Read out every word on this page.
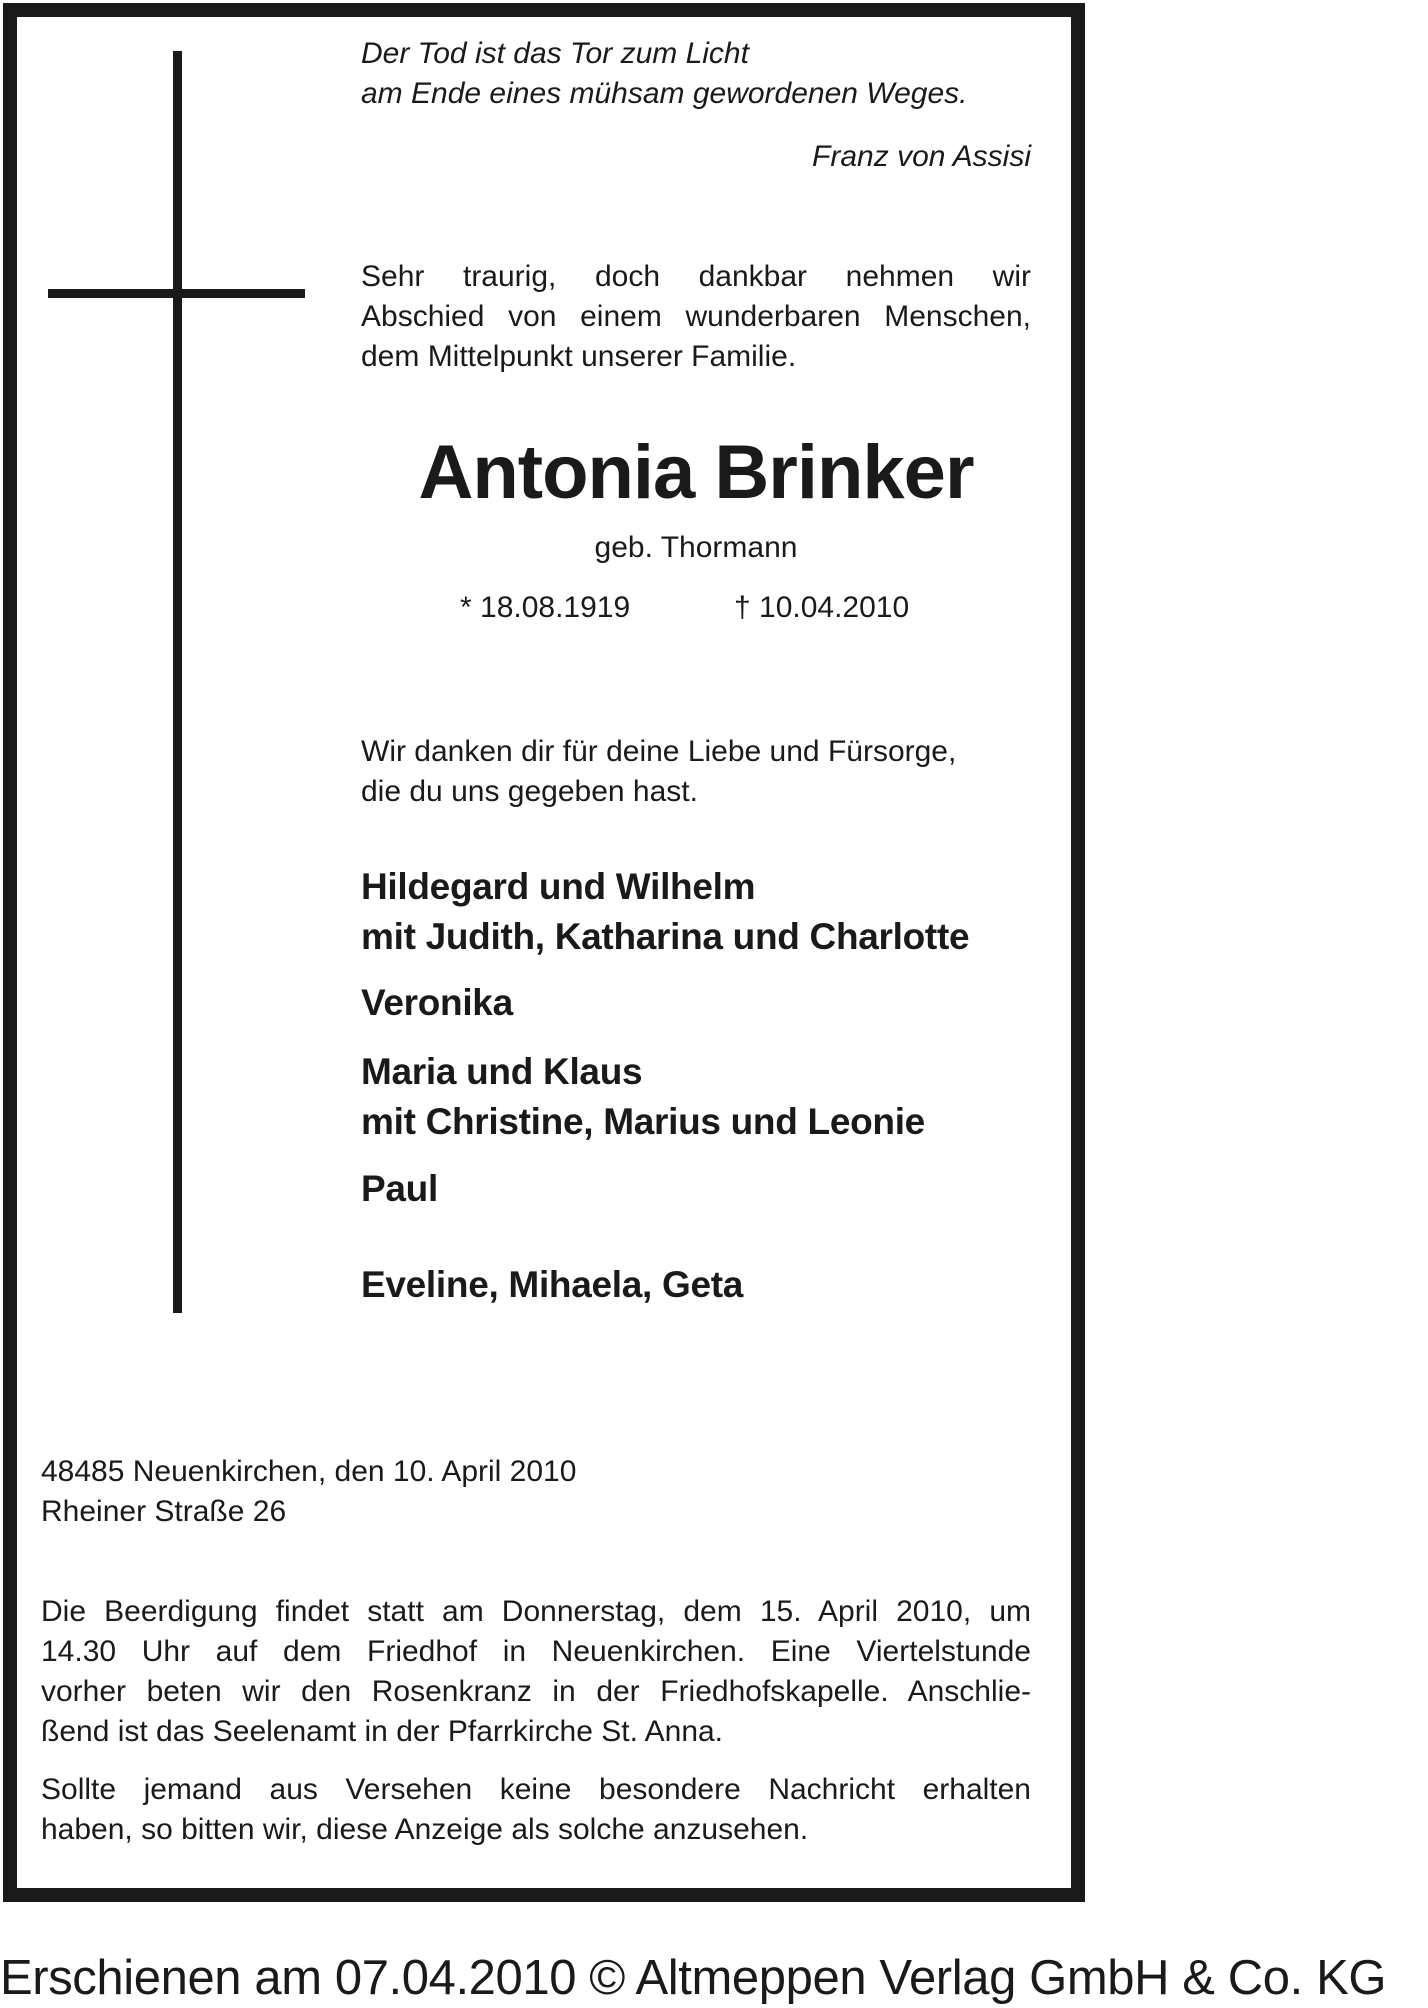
Der Tod ist das Tor zum Licht
am Ende eines mühsam gewordenen Weges.
Franz von Assisi
Sehr traurig, doch dankbar nehmen wir
Abschied von einem wunderbaren Menschen,
dem Mittelpunkt unserer Familie.
Antonia Brinker
geb. Thormann
* 18.08.1919	† 10.04.2010
Wir danken dir für deine Liebe und Fürsorge,
die du uns gegeben hast.
Hildegard und Wilhelm
mit Judith, Katharina und Charlotte
Veronika
Maria und Klaus
mit Christine, Marius und Leonie
Paul
Eveline, Mihaela, Geta
48485 Neuenkirchen, den 10. April 2010
Rheiner Straße 26
Die Beerdigung findet statt am Donnerstag, dem 15. April 2010, um
14.30 Uhr auf dem Friedhof in Neuenkirchen. Eine Viertelstunde
vorher beten wir den Rosenkranz in der Friedhofskapelle. Anschlie-
ßend ist das Seelenamt in der Pfarrkirche St. Anna.
Sollte jemand aus Versehen keine besondere Nachricht erhalten
haben, so bitten wir, diese Anzeige als solche anzusehen.
Erschienen am 07.04.2010 © Altmeppen Verlag GmbH & Co. KG
